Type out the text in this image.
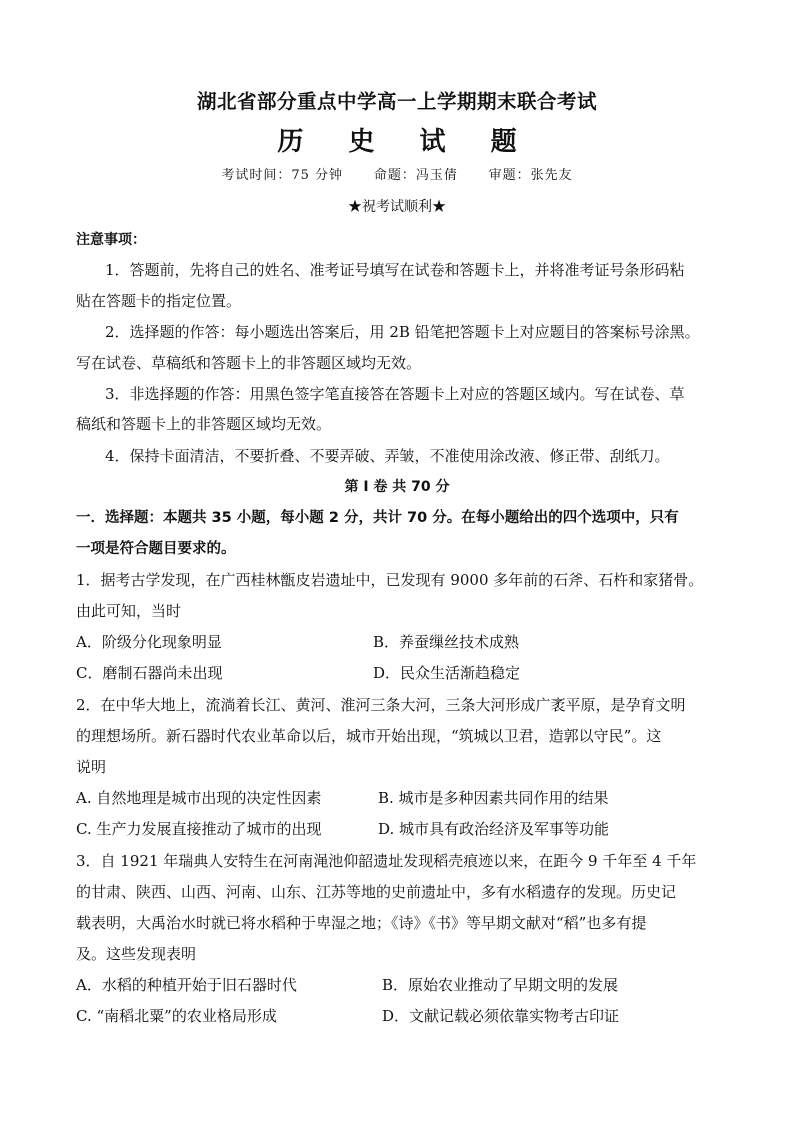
湖北省部分重点中学高一上学期期末联合考试
历 史 试 题
考试时间：75 分钟      命题：冯玉倩      审题：张先友
★祝考试顺利★
注意事项：
1．答题前，先将自己的姓名、准考证号填写在试卷和答题卡上，并将准考证号条形码粘
贴在答题卡的指定位置。
2．选择题的作答：每小题选出答案后，用 2B 铅笔把答题卡上对应题目的答案标号涂黑。
写在试卷、草稿纸和答题卡上的非答题区域均无效。
3．非选择题的作答：用黑色签字笔直接答在答题卡上对应的答题区域内。写在试卷、草
稿纸和答题卡上的非答题区域均无效。
4．保持卡面清洁，不要折叠、不要弄破、弄皱，不准使用涂改液、修正带、刮纸刀。
第 Ⅰ 卷 共 70 分
一．选择题：本题共 35 小题，每小题 2 分，共计 70 分。在每小题给出的四个选项中，只有
一项是符合题目要求的。
1．据考古学发现，在广西桂林甑皮岩遗址中，已发现有 9000 多年前的石斧、石杵和家猪骨。
由此可知，当时
A．阶级分化现象明显	B．养蚕缫丝技术成熟
C．磨制石器尚未出现	D．民众生活渐趋稳定
2．在中华大地上，流淌着长江、黄河、淮河三条大河，三条大河形成广袤平原，是孕育文明
的理想场所。新石器时代农业革命以后，城市开始出现，“筑城以卫君，造郭以守民”。这
说明
A. 自然地理是城市出现的决定性因素	B. 城市是多种因素共同作用的结果
C. 生产力发展直接推动了城市的出现	D. 城市具有政治经济及军事等功能
3．自 1921 年瑞典人安特生在河南渑池仰韶遗址发现稻壳痕迹以来，在距今 9 千年至 4 千年
的甘肃、陕西、山西、河南、山东、江苏等地的史前遗址中，多有水稻遗存的发现。历史记
载表明，大禹治水时就已将水稻种于卑湿之地；《诗》《书》等早期文献对“稻”也多有提
及。这些发现表明
A．水稻的种植开始于旧石器时代	B．原始农业推动了早期文明的发展
C. “南稻北粟”的农业格局形成	D．文献记载必须依靠实物考古印证
